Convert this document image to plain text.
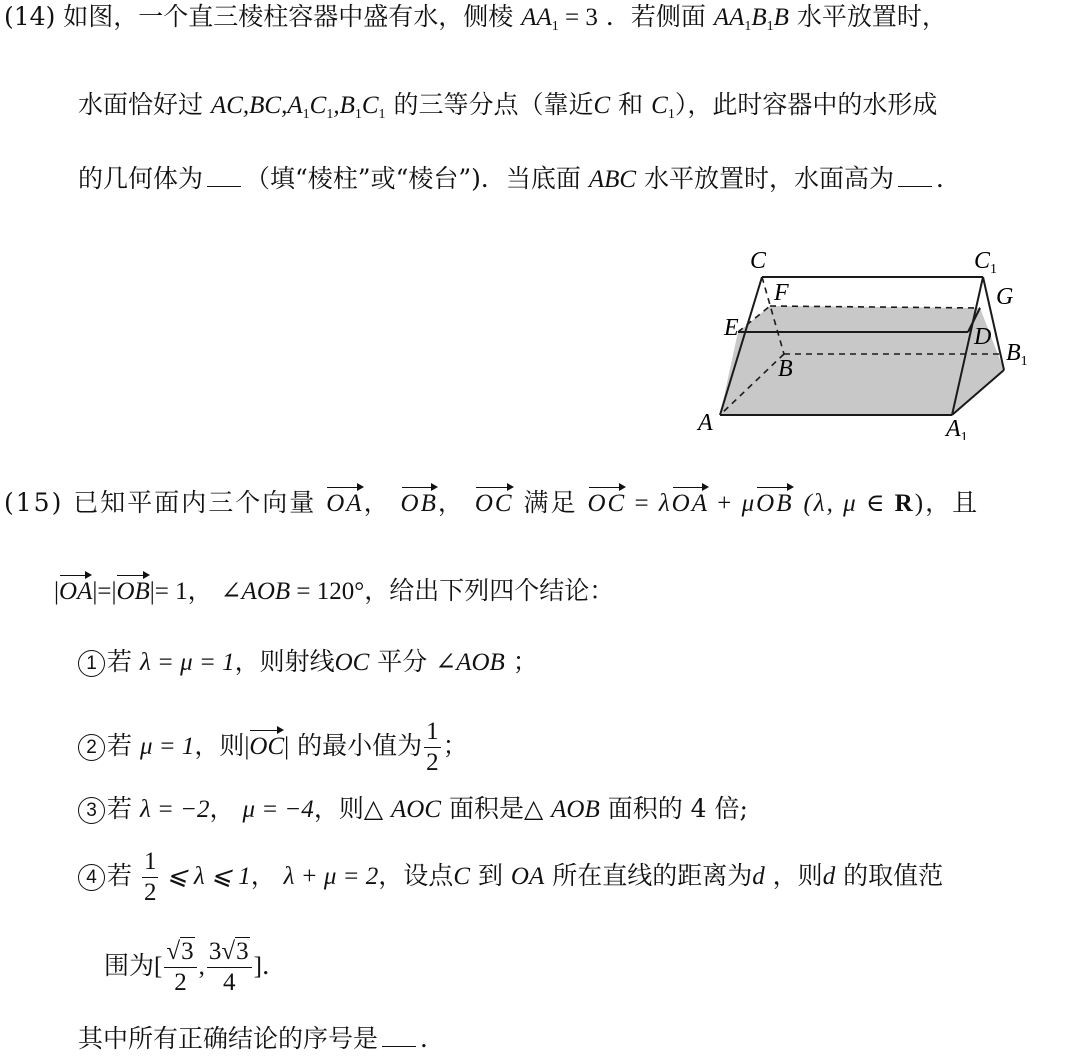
(14) 如图，一个直三棱柱容器中盛有水，侧棱 $AA_1 = 3$ ．若侧面 $AA_1B_1B$ 水平放置时，
水面恰好过 $AC,BC,A_1C_1,B_1C_1$ 的三等分点（靠近C 和 $C_1$），此时容器中的水形成
的几何体为 （填“棱柱”或“棱台”)．当底面 ABC 水平放置时，水面高为 ．
C	$C_1$
F	G
E	D
B
$B_1$
A	$A_1$
(15) 已知平面内三个向量 OA， OB， OC 满足 OC = λOA + μOB (λ, μ ∈ R)，且
|OA|=|OB|= 1， ∠AOB = 120°，给出下列四个结论：
1 若 λ = μ = 1，则射线OC 平分 ∠AOB ；
2 若 μ = 1，则|OC| 的最小值为 $\frac{1}{2}$ ；
3 若 λ = −2， μ = −4，则△ AOC 面积是△ AOB 面积的 4 倍;
4 若 $\frac{1}{2}$ ⩽ λ ⩽ 1， λ + μ = 2，设点C 到 OA 所在直线的距离为d ，则d 的取值范
围为[ $\frac{√3}{2}$ , $\frac{3√3}{4}$ ]．
其中所有正确结论的序号是 ．
